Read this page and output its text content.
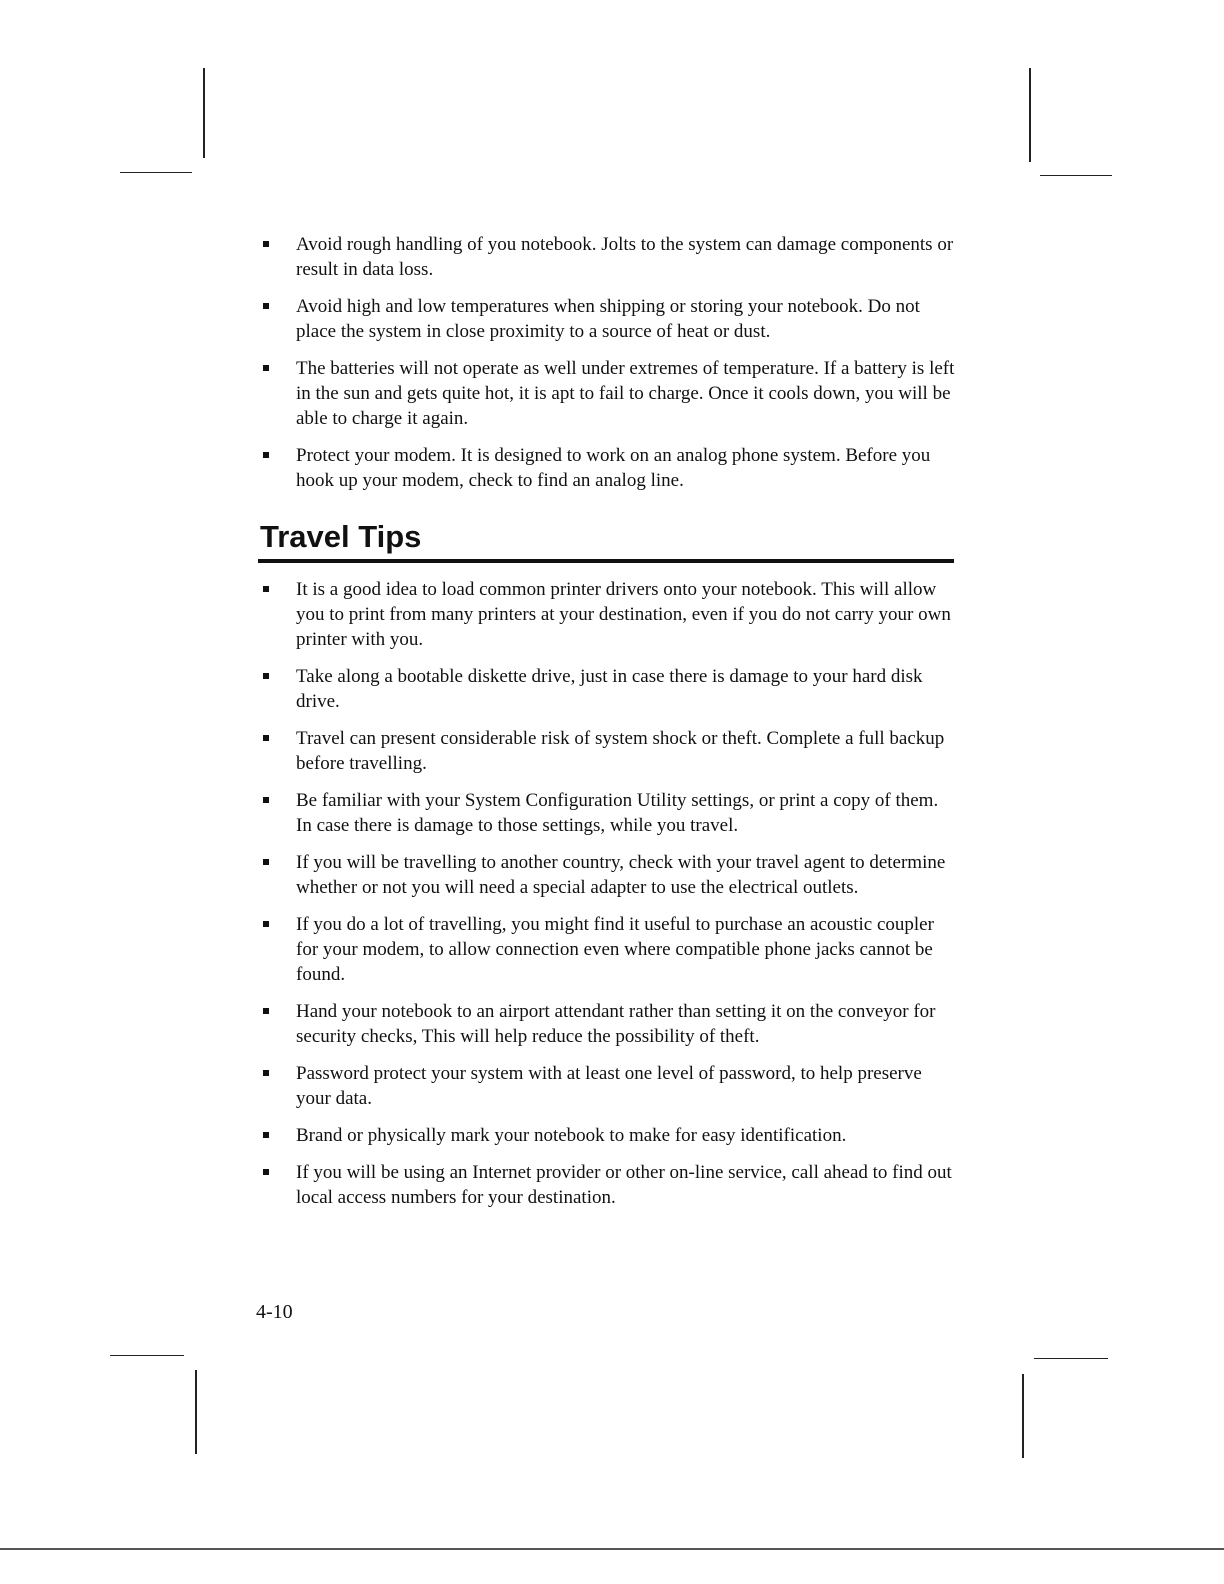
Avoid rough handling of you notebook. Jolts to the system can damage components or result in data loss.
Avoid high and low temperatures when shipping or storing your notebook. Do not place the system in close proximity to a source of heat or dust.
The batteries will not operate as well under extremes of temperature. If a battery is left in the sun and gets quite hot, it is apt to fail to charge. Once it cools down, you will be able to charge it again.
Protect your modem. It is designed to work on an analog phone system. Before you hook up your modem, check to find an analog line.
Travel Tips
It is a good idea to load common printer drivers onto your notebook. This will allow you to print from many printers at your destination, even if you do not carry your own printer with you.
Take along a bootable diskette drive, just in case there is damage to your hard disk drive.
Travel can present considerable risk of system shock or theft. Complete a full backup before travelling.
Be familiar with your System Configuration Utility settings, or print a copy of them. In case there is damage to those settings, while you travel.
If you will be travelling to another country, check with your travel agent to determine whether or not you will need a special adapter to use the electrical outlets.
If you do a lot of travelling, you might find it useful to purchase an acoustic coupler for your modem, to allow connection even where compatible phone jacks cannot be found.
Hand your notebook to an airport attendant rather than setting it on the conveyor for security checks, This will help reduce the possibility of theft.
Password protect your system with at least one level of password, to help preserve your data.
Brand or physically mark your notebook to make for easy identification.
If you will be using an Internet provider or other on-line service, call ahead to find out local access numbers for your destination.
4-10
